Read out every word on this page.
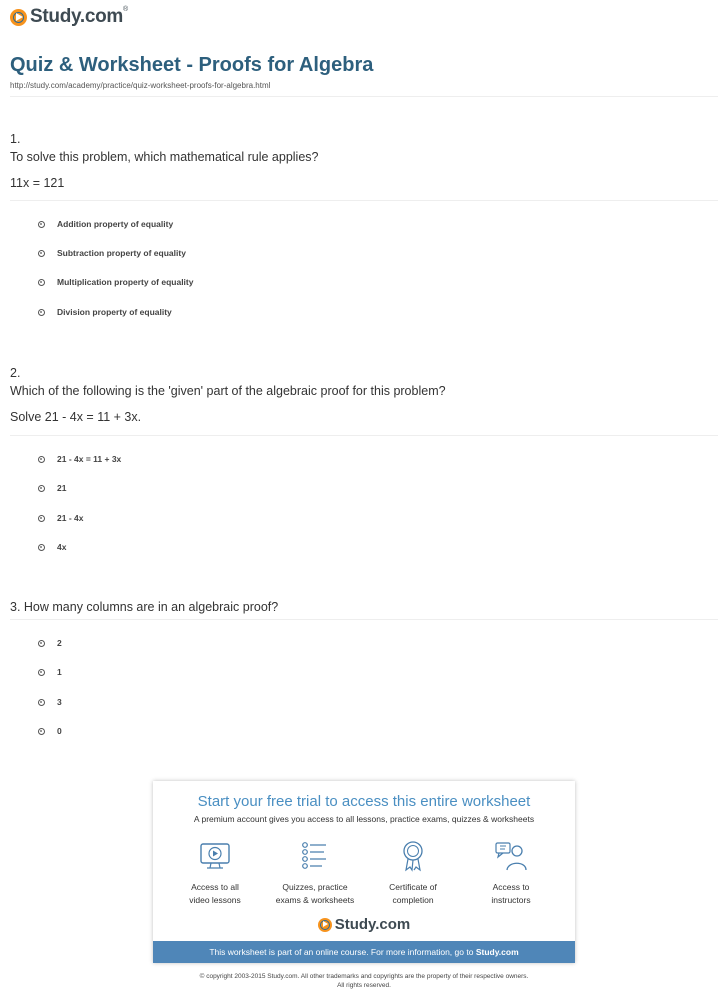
Study.com®
Quiz & Worksheet - Proofs for Algebra
http://study.com/academy/practice/quiz-worksheet-proofs-for-algebra.html
1.
To solve this problem, which mathematical rule applies?
11x = 121
Addition property of equality
Subtraction property of equality
Multiplication property of equality
Division property of equality
2.
Which of the following is the 'given' part of the algebraic proof for this problem?
Solve 21 - 4x = 11 + 3x.
21 - 4x = 11 + 3x
21
21 - 4x
4x
3. How many columns are in an algebraic proof?
2
1
3
0
Start your free trial to access this entire worksheet
A premium account gives you access to all lessons, practice exams, quizzes & worksheets
Access to all
video lessons
Quizzes, practice
exams & worksheets
Certificate of
completion
Access to
instructors
Study.com
This worksheet is part of an online course. For more information, go to Study.com
© copyright 2003-2015 Study.com. All other trademarks and copyrights are the property of their respective owners.
All rights reserved.
